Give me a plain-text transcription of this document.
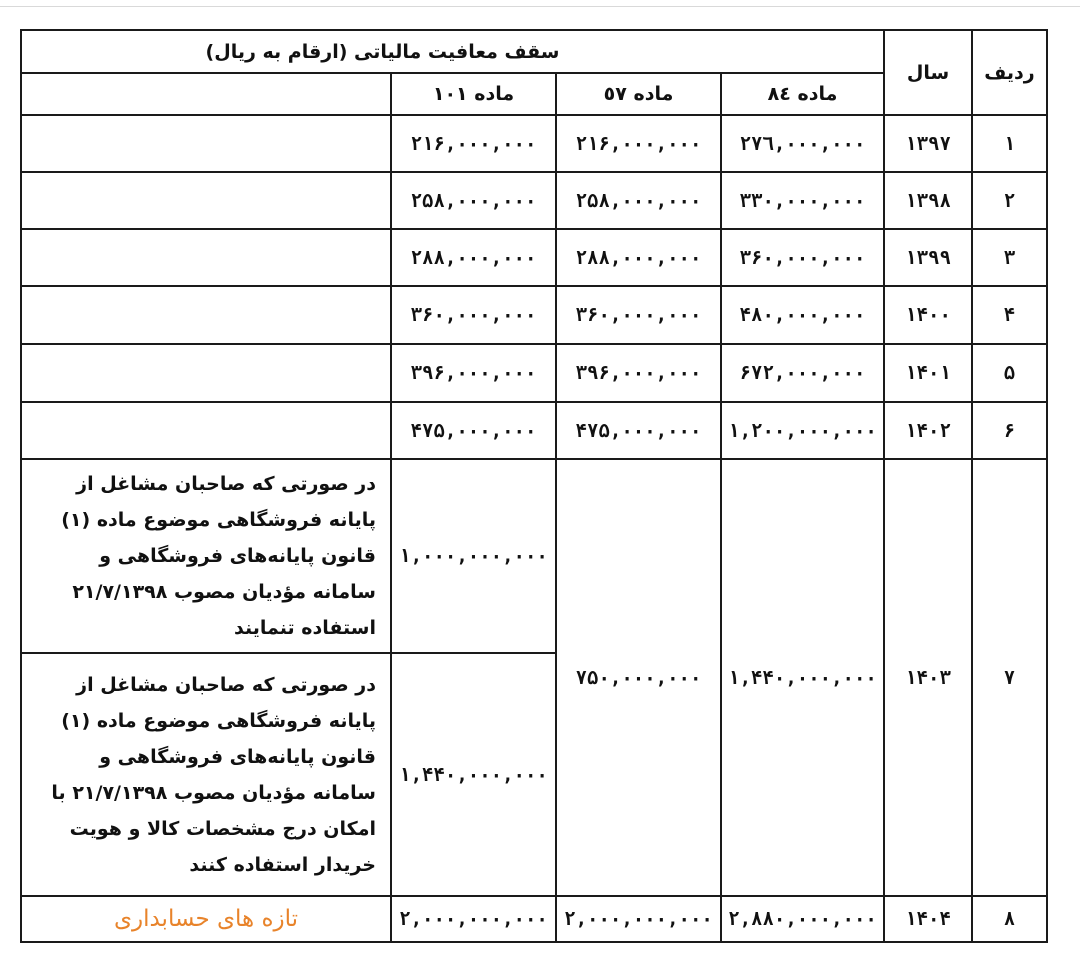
سقف معافیت مالیاتی (ارقام به ریال)				سال	ردیف
	ماده ١٠١	ماده ٥٧	ماده ٨٤		
	٢١۶,٠٠٠,٠٠٠	٢١۶,٠٠٠,٠٠٠	٢٧٦,٠٠٠,٠٠٠	١٣٩٧	١
	٢۵٨,٠٠٠,٠٠٠	٢۵٨,٠٠٠,٠٠٠	٣٣٠,٠٠٠,٠٠٠	١٣٩٨	٢
	٢٨٨,٠٠٠,٠٠٠	٢٨٨,٠٠٠,٠٠٠	٣۶٠,٠٠٠,٠٠٠	١٣٩٩	٣
	٣۶٠,٠٠٠,٠٠٠	٣۶٠,٠٠٠,٠٠٠	۴٨٠,٠٠٠,٠٠٠	١۴٠٠	۴
	٣٩۶,٠٠٠,٠٠٠	٣٩۶,٠٠٠,٠٠٠	۶٧٢,٠٠٠,٠٠٠	١۴٠١	۵
	۴٧۵,٠٠٠,٠٠٠	۴٧۵,٠٠٠,٠٠٠	١,٢٠٠,٠٠٠,٠٠٠	١۴٠٢	۶
در صورتی که صاحبان مشاغل از پایانه فروشگاهی موضوع ماده (١) قانون پایانه‌های فروشگاهی و سامانه مؤدیان مصوب ٢١/٧/١٣٩٨ استفاده تنمایند	١,٠٠٠,٠٠٠,٠٠٠	٧۵٠,٠٠٠,٠٠٠	١,۴۴٠,٠٠٠,٠٠٠	١۴٠٣	٧
در صورتی که صاحبان مشاغل از پایانه فروشگاهی موضوع ماده (١) قانون پایانه‌های فروشگاهی و سامانه مؤدیان مصوب ٢١/٧/١٣٩٨ با امکان درج مشخصات کالا و هویت خریدار استفاده کنند	١,۴۴٠,٠٠٠,٠٠٠				
تازه های حسابداری	٢,٠٠٠,٠٠٠,٠٠٠	٢,٠٠٠,٠٠٠,٠٠٠	٢,٨٨٠,٠٠٠,٠٠٠	١۴٠۴	٨
